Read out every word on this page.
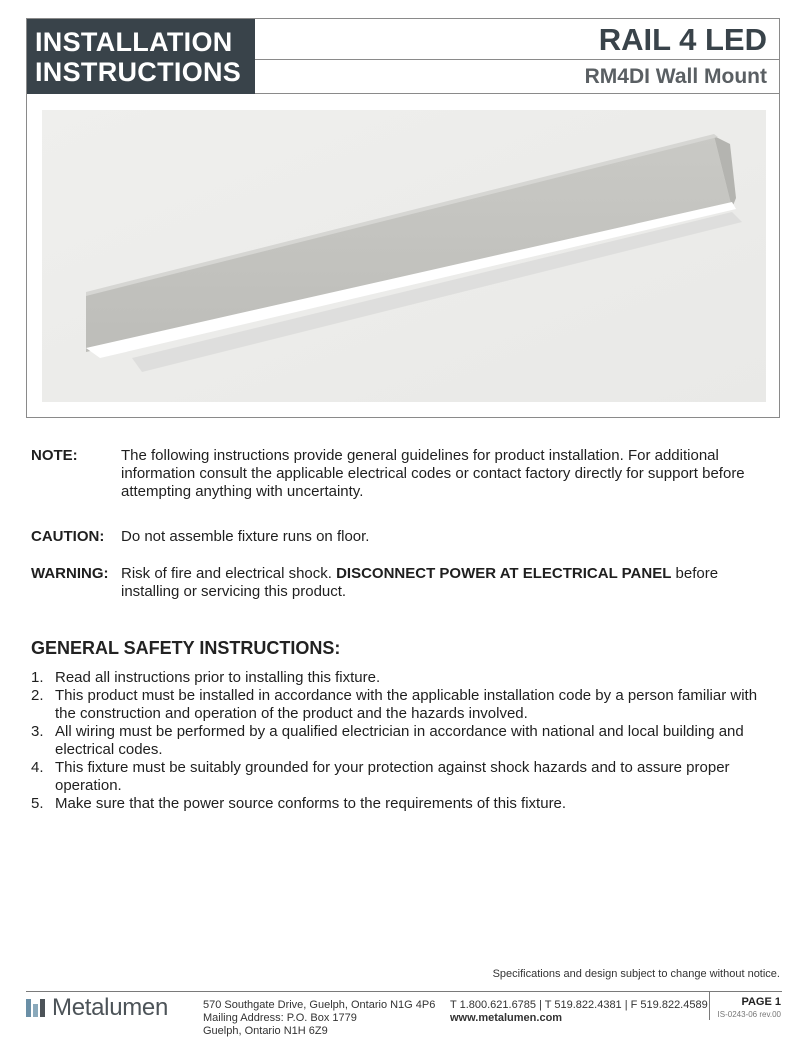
INSTALLATION
INSTRUCTIONS
RAIL 4 LED
RM4DI Wall Mount
NOTE:	The following instructions provide general guidelines for product installation. For additional information consult the applicable electrical codes or contact factory directly for support before attempting anything with uncertainty.
CAUTION: Do not assemble fixture runs on floor.
WARNING: Risk of fire and electrical shock. DISCONNECT POWER AT ELECTRICAL PANEL before installing or servicing this product.
GENERAL SAFETY INSTRUCTIONS:
1. Read all instructions prior to installing this fixture.
2. This product must be installed in accordance with the applicable installation code by a person familiar with the construction and operation of the product and the hazards involved.
3. All wiring must be performed by a qualified electrician in accordance with national and local building and electrical codes.
4. This fixture must be suitably grounded for your protection against shock hazards and to assure proper operation.
5. Make sure that the power source conforms to the requirements of this fixture.
Specifications and design subject to change without notice.
Metalumen	570 Southgate Drive, Guelph, Ontario N1G 4P6
Mailing Address: P.O. Box 1779
Guelph, Ontario N1H 6Z9
T 1.800.621.6785 | T 519.822.4381 | F 519.822.4589
www.metalumen.com
PAGE 1
IS-0243-06 rev.00
